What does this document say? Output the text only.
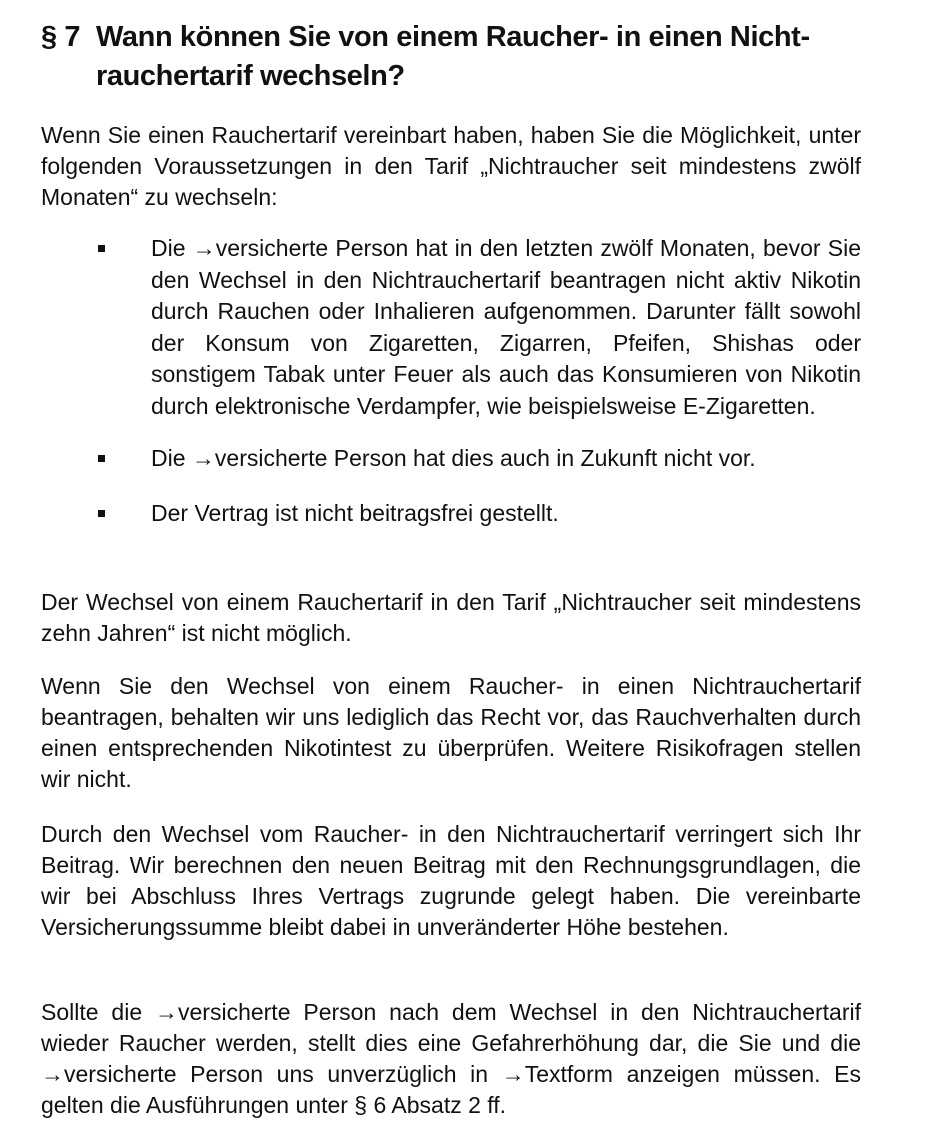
§ 7 Wann können Sie von einem Raucher- in einen Nichtrauchertarif wechseln?

Wenn Sie einen Rauchertarif vereinbart haben, haben Sie die Möglichkeit, unter folgenden Voraussetzungen in den Tarif „Nichtraucher seit mindestens zwölf Monaten“ zu wechseln:

Die →versicherte Person hat in den letzten zwölf Monaten, bevor Sie den Wechsel in den Nichtrauchertarif beantragen nicht aktiv Nikotin durch Rauchen oder Inhalieren aufgenommen. Darunter fällt sowohl der Konsum von Zigaretten, Zigarren, Pfeifen, Shishas oder sonstigem Tabak unter Feuer als auch das Konsumieren von Nikotin durch elektronische Verdampfer, wie beispielsweise E-Zigaretten.
Die →versicherte Person hat dies auch in Zukunft nicht vor.
Der Vertrag ist nicht beitragsfrei gestellt.

Der Wechsel von einem Rauchertarif in den Tarif „Nichtraucher seit mindestens zehn Jahren“ ist nicht möglich.

Wenn Sie den Wechsel von einem Raucher- in einen Nichtrauchertarif beantragen, behalten wir uns lediglich das Recht vor, das Rauchverhalten durch einen entsprechenden Nikotintest zu überprüfen. Weitere Risikofragen stellen wir nicht.

Durch den Wechsel vom Raucher- in den Nichtrauchertarif verringert sich Ihr Beitrag. Wir berechnen den neuen Beitrag mit den Rechnungsgrundlagen, die wir bei Abschluss Ihres Vertrags zugrunde gelegt haben. Die vereinbarte Versicherungssumme bleibt dabei in unveränderter Höhe bestehen.

Sollte die →versicherte Person nach dem Wechsel in den Nichtrauchertarif wieder Raucher werden, stellt dies eine Gefahrerhöhung dar, die Sie und die →versicherte Person uns unverzüglich in →Textform anzeigen müssen. Es gelten die Ausführungen unter § 6 Absatz 2 ff.
